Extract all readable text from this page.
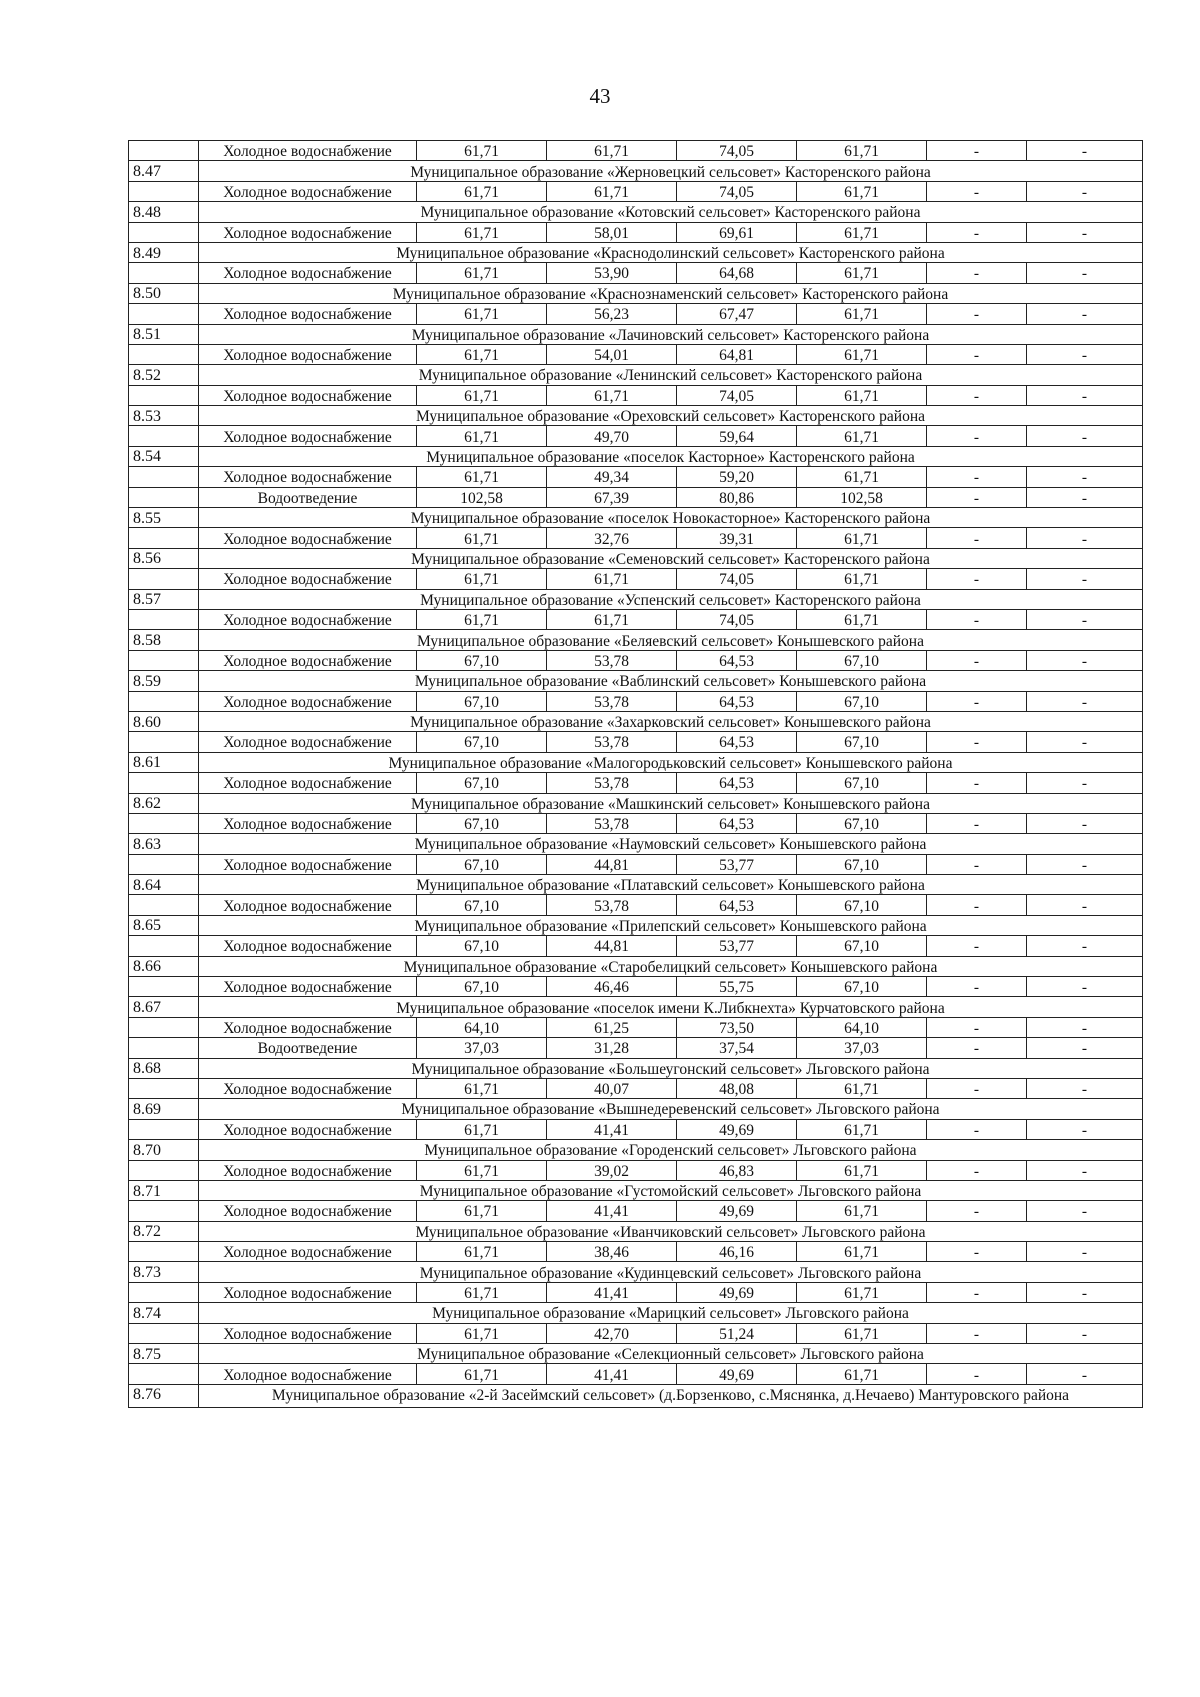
43
	Холодное водоснабжение	61,71	61,71	74,05	61,71	-	-
8.47	Муниципальное образование «Жерновецкий сельсовет» Касторенского района						
	Холодное водоснабжение	61,71	61,71	74,05	61,71	-	-
8.48	Муниципальное образование «Котовский сельсовет» Касторенского района						
	Холодное водоснабжение	61,71	58,01	69,61	61,71	-	-
8.49	Муниципальное образование «Краснодолинский сельсовет» Касторенского района						
	Холодное водоснабжение	61,71	53,90	64,68	61,71	-	-
8.50	Муниципальное образование «Краснознаменский сельсовет» Касторенского района						
	Холодное водоснабжение	61,71	56,23	67,47	61,71	-	-
8.51	Муниципальное образование «Лачиновский сельсовет» Касторенского района						
	Холодное водоснабжение	61,71	54,01	64,81	61,71	-	-
8.52	Муниципальное образование «Ленинский сельсовет» Касторенского района						
	Холодное водоснабжение	61,71	61,71	74,05	61,71	-	-
8.53	Муниципальное образование «Ореховский сельсовет» Касторенского района						
	Холодное водоснабжение	61,71	49,70	59,64	61,71	-	-
8.54	Муниципальное образование «поселок Касторное» Касторенского района						
	Холодное водоснабжение	61,71	49,34	59,20	61,71	-	-
	Водоотведение	102,58	67,39	80,86	102,58	-	-
8.55	Муниципальное образование «поселок Новокасторное» Касторенского района						
	Холодное водоснабжение	61,71	32,76	39,31	61,71	-	-
8.56	Муниципальное образование «Семеновский сельсовет» Касторенского района						
	Холодное водоснабжение	61,71	61,71	74,05	61,71	-	-
8.57	Муниципальное образование «Успенский сельсовет» Касторенского района						
	Холодное водоснабжение	61,71	61,71	74,05	61,71	-	-
8.58	Муниципальное образование «Беляевский сельсовет» Конышевского района						
	Холодное водоснабжение	67,10	53,78	64,53	67,10	-	-
8.59	Муниципальное образование «Ваблинский сельсовет» Конышевского района						
	Холодное водоснабжение	67,10	53,78	64,53	67,10	-	-
8.60	Муниципальное образование «Захарковский сельсовет» Конышевского района						
	Холодное водоснабжение	67,10	53,78	64,53	67,10	-	-
8.61	Муниципальное образование «Малогородьковский сельсовет» Конышевского района						
	Холодное водоснабжение	67,10	53,78	64,53	67,10	-	-
8.62	Муниципальное образование «Машкинский сельсовет» Конышевского района						
	Холодное водоснабжение	67,10	53,78	64,53	67,10	-	-
8.63	Муниципальное образование «Наумовский сельсовет» Конышевского района						
	Холодное водоснабжение	67,10	44,81	53,77	67,10	-	-
8.64	Муниципальное образование «Платавский сельсовет» Конышевского района						
	Холодное водоснабжение	67,10	53,78	64,53	67,10	-	-
8.65	Муниципальное образование «Прилепский сельсовет» Конышевского района						
	Холодное водоснабжение	67,10	44,81	53,77	67,10	-	-
8.66	Муниципальное образование «Старобелицкий сельсовет» Конышевского района						
	Холодное водоснабжение	67,10	46,46	55,75	67,10	-	-
8.67	Муниципальное образование «поселок имени К.Либкнехта» Курчатовского района						
	Холодное водоснабжение	64,10	61,25	73,50	64,10	-	-
	Водоотведение	37,03	31,28	37,54	37,03	-	-
8.68	Муниципальное образование «Большеугонский сельсовет» Льговского района						
	Холодное водоснабжение	61,71	40,07	48,08	61,71	-	-
8.69	Муниципальное образование «Вышнедеревенский сельсовет» Льговского района						
	Холодное водоснабжение	61,71	41,41	49,69	61,71	-	-
8.70	Муниципальное образование «Городенский сельсовет» Льговского района						
	Холодное водоснабжение	61,71	39,02	46,83	61,71	-	-
8.71	Муниципальное образование «Густомойский сельсовет» Льговского района						
	Холодное водоснабжение	61,71	41,41	49,69	61,71	-	-
8.72	Муниципальное образование «Иванчиковский сельсовет» Льговского района						
	Холодное водоснабжение	61,71	38,46	46,16	61,71	-	-
8.73	Муниципальное образование «Кудинцевский сельсовет» Льговского района						
	Холодное водоснабжение	61,71	41,41	49,69	61,71	-	-
8.74	Муниципальное образование «Марицкий сельсовет» Льговского района						
	Холодное водоснабжение	61,71	42,70	51,24	61,71	-	-
8.75	Муниципальное образование «Селекционный сельсовет» Льговского района						
	Холодное водоснабжение	61,71	41,41	49,69	61,71	-	-
8.76	Муниципальное образование «2-й Засеймский сельсовет» (д.Борзенково, с.Мяснянка, д.Нечаево) Мантуровского района						
